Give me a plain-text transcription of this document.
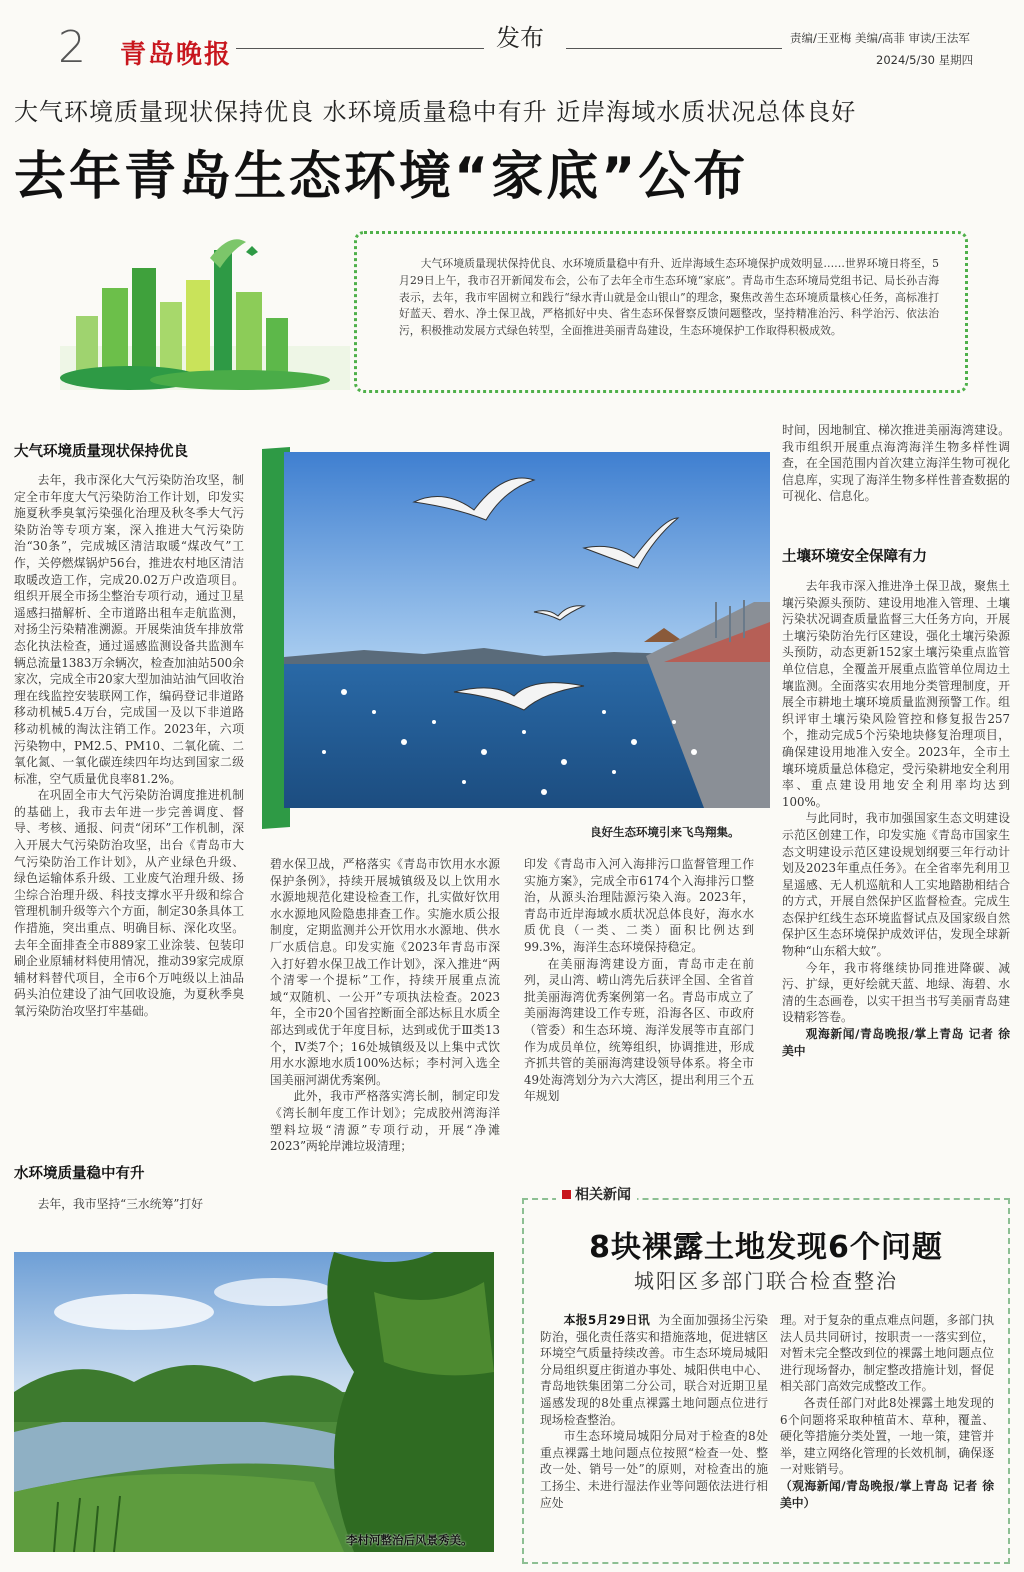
2 青岛晚报
发布	责编/王亚梅 美编/高菲 审读/王法军
2024/5/30 星期四
大气环境质量现状保持优良 水环境质量稳中有升 近岸海域水质状况总体良好
去年青岛生态环境“家底”公布
大气环境质量现状保持优良、水环境质量稳中有升、近岸海域生态环境保护成效明显……世界环境日将至，5月29日上午，我市召开新闻发布会，公布了去年全市生态环境“家底”。青岛市生态环境局党组书记、局长孙吉海表示，去年，我市牢固树立和践行“绿水青山就是金山银山”的理念，聚焦改善生态环境质量核心任务，高标准打好蓝天、碧水、净土保卫战，严格抓好中央、省生态环保督察反馈问题整改，坚持精准治污、科学治污、依法治污，积极推动发展方式绿色转型，全面推进美丽青岛建设，生态环境保护工作取得积极成效。
大气环境质量现状保持优良

去年，我市深化大气污染防治攻坚，制定全市年度大气污染防治工作计划，印发实施夏秋季臭氧污染强化治理及秋冬季大气污染防治等专项方案，深入推进大气污染防治“30条”，完成城区清洁取暖“煤改气”工作，关停燃煤锅炉56台，推进农村地区清洁取暖改造工作，完成20.02万户改造项目。组织开展全市扬尘整治专项行动，通过卫星遥感扫描解析、全市道路出租车走航监测，对扬尘污染精准溯源。开展柴油货车排放常态化执法检查，通过遥感监测设备共监测车辆总流量1383万余辆次，检查加油站500余家次，完成全市20家大型加油站油气回收治理在线监控安装联网工作，编码登记非道路移动机械5.4万台，完成国一及以下非道路移动机械的淘汰注销工作。2023年，六项污染物中，PM2.5、PM10、二氧化硫、二氧化氮、一氧化碳连续四年均达到国家二级标准，空气质量优良率81.2%。

在巩固全市大气污染防治调度推进机制的基础上，我市去年进一步完善调度、督导、考核、通报、问责“闭环”工作机制，深入开展大气污染防治攻坚，出台《青岛市大气污染防治工作计划》，从产业绿色升级、绿色运输体系升级、工业废气治理升级、扬尘综合治理升级、科技支撑水平升级和综合管理机制升级等六个方面，制定30条具体工作措施，突出重点、明确目标、深化攻坚。去年全面排查全市889家工业涂装、包装印刷企业原辅材料使用情况，推动39家完成原辅材料替代项目，全市6个万吨级以上油品码头泊位建设了油气回收设施，为夏秋季臭氧污染防治攻坚打牢基础。

水环境质量稳中有升

去年，我市坚持“三水统筹”打好

良好生态环境引来飞鸟翔集。

碧水保卫战，严格落实《青岛市饮用水水源保护条例》，持续开展城镇级及以上饮用水水源地规范化建设检查工作，扎实做好饮用水水源地风险隐患排查工作。实施水质公报制度，定期监测并公开饮用水水源地、供水厂水质信息。印发实施《2023年青岛市深入打好碧水保卫战工作计划》，深入推进“两个清零一个提标”工作，持续开展重点流域“双随机、一公开”专项执法检查。2023年，全市20个国省控断面全部达标且水质全部达到或优于年度目标，达到或优于Ⅲ类13个，Ⅳ类7个；16处城镇级及以上集中式饮用水水源地水质100%达标；李村河入选全国美丽河湖优秀案例。

此外，我市严格落实湾长制，制定印发《湾长制年度工作计划》；完成胶州湾海洋塑料垃圾“清源”专项行动，开展“净滩2023”两轮岸滩垃圾清理；

印发《青岛市入河入海排污口监督管理工作实施方案》，完成全市6174个入海排污口整治，从源头治理陆源污染入海。2023年，青岛市近岸海域水质状况总体良好，海水水质优良（一类、二类）面积比例达到99.3%，海洋生态环境保持稳定。

在美丽海湾建设方面，青岛市走在前列，灵山湾、崂山湾先后获评全国、全省首批美丽海湾优秀案例第一名。青岛市成立了美丽海湾建设工作专班，沿海各区、市政府（管委）和生态环境、海洋发展等市直部门作为成员单位，统筹组织，协调推进，形成齐抓共管的美丽海湾建设领导体系。将全市49处海湾划分为六大湾区，提出利用三个五年规划

时间，因地制宜、梯次推进美丽海湾建设。我市组织开展重点海湾海洋生物多样性调查，在全国范围内首次建立海洋生物可视化信息库，实现了海洋生物多样性普查数据的可视化、信息化。

土壤环境安全保障有力

去年我市深入推进净土保卫战，聚焦土壤污染源头预防、建设用地准入管理、土壤污染状况调查质量监督三大任务方向，开展土壤污染防治先行区建设，强化土壤污染源头预防，动态更新152家土壤污染重点监管单位信息，全覆盖开展重点监管单位周边土壤监测。全面落实农用地分类管理制度，开展全市耕地土壤环境质量监测预警工作。组织评审土壤污染风险管控和修复报告257个，推动完成5个污染地块修复治理项目，确保建设用地准入安全。2023年，全市土壤环境质量总体稳定，受污染耕地安全利用率、重点建设用地安全利用率均达到100%。

与此同时，我市加强国家生态文明建设示范区创建工作，印发实施《青岛市国家生态文明建设示范区建设规划纲要三年行动计划及2023年重点任务》。在全省率先利用卫星遥感、无人机巡航和人工实地踏勘相结合的方式，开展自然保护区监督检查。完成生态保护红线生态环境监督试点及国家级自然保护区生态环境保护成效评估，发现全球新物种“山东稻大蚊”。

今年，我市将继续协同推进降碳、减污、扩绿，更好绘就天蓝、地绿、海碧、水清的生态画卷，以实干担当书写美丽青岛建设精彩答卷。

观海新闻/青岛晚报/掌上青岛 记者 徐美中

李村河整治后风景秀美。
相关新闻
8块裸露土地发现6个问题
城阳区多部门联合检查整治

本报5月29日讯 为全面加强扬尘污染防治，强化责任落实和措施落地，促进辖区环境空气质量持续改善。市生态环境局城阳分局组织夏庄街道办事处、城阳供电中心、青岛地铁集团第二分公司，联合对近期卫星遥感发现的8处重点裸露土地问题点位进行现场检查整治。

市生态环境局城阳分局对于检查的8处重点裸露土地问题点位按照“检查一处、整改一处、销号一处”的原则，对检查出的施工扬尘、未进行湿法作业等问题依法进行相应处

理。对于复杂的重点难点问题，多部门执法人员共同研讨，按职责一一落实到位，对暂未完全整改到位的裸露土地问题点位进行现场督办，制定整改措施计划，督促相关部门高效完成整改工作。

各责任部门对此8处裸露土地发现的6个问题将采取种植苗木、草种，覆盖、硬化等措施分类处置，一地一策，建管并举，建立网络化管理的长效机制，确保逐一对账销号。

（观海新闻/青岛晚报/掌上青岛 记者 徐美中）
